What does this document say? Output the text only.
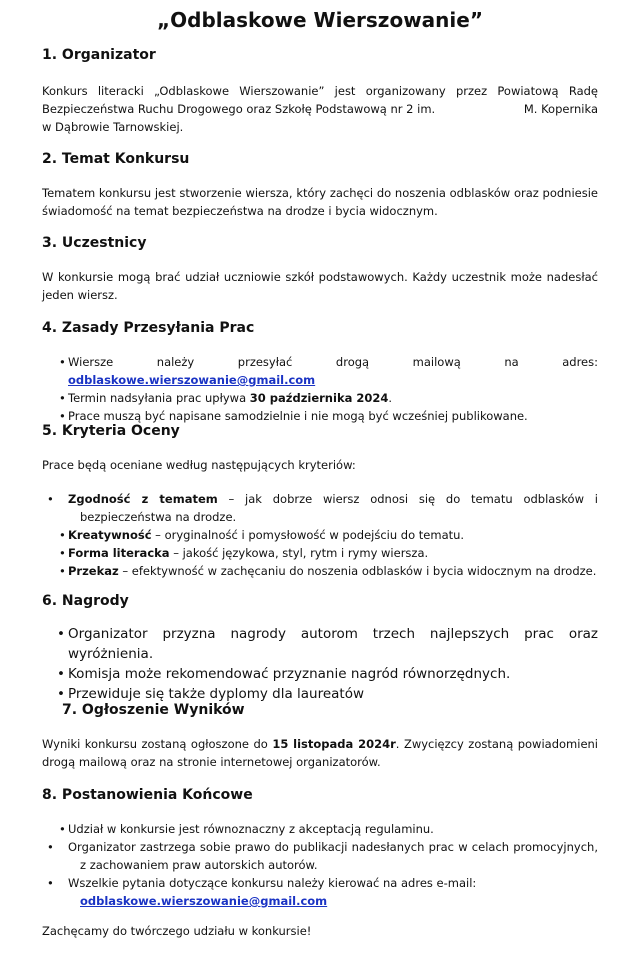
„Odblaskowe Wierszowanie”
1. Organizator

Konkurs literacki „Odblaskowe Wierszowanie” jest organizowany przez Powiatową Radę Bezpieczeństwa Ruchu Drogowego oraz Szkołę Podstawową nr 2 im.	M. Kopernika

w Dąbrowie Tarnowskiej.

2. Temat Konkursu

Tematem konkursu jest stworzenie wiersza, który zachęci do noszenia odblasków oraz podniesie świadomość na temat bezpieczeństwa na drodze i bycia widocznym.

3. Uczestnicy

W konkursie mogą brać udział uczniowie szkół podstawowych. Każdy uczestnik może nadesłać jeden wiersz.

4. Zasady Przesyłania Prac
• Wiersze należy przesyłać drogą mailową na adres: odblaskowe.wierszowanie@gmail.com
• Termin nadsyłania prac upływa 30 października 2024.
• Prace muszą być napisane samodzielnie i nie mogą być wcześniej publikowane.
5. Kryteria Oceny

Prace będą oceniane według następujących kryteriów:

• Zgodność z tematem – jak dobrze wiersz odnosi się do tematu odblasków i bezpieczeństwa na drodze.
• Kreatywność – oryginalność i pomysłowość w podejściu do tematu.
• Forma literacka – jakość językowa, styl, rytm i rymy wiersza.
• Przekaz – efektywność w zachęcaniu do noszenia odblasków i bycia widocznym na drodze.
6. Nagrody
• Organizator przyzna nagrody autorom trzech najlepszych prac oraz wyróżnienia.
• Komisja może rekomendować przyznanie nagród równorzędnych.
• Przewiduje się także dyplomy dla laureatów
7. Ogłoszenie Wyników

Wyniki konkursu zostaną ogłoszone do 15 listopada 2024r. Zwycięzcy zostaną powiadomieni drogą mailową oraz na stronie internetowej organizatorów.

8. Postanowienia Końcowe
• Udział w konkursie jest równoznaczny z akceptacją regulaminu.
• Organizator zastrzega sobie prawo do publikacji nadesłanych prac w celach promocyjnych, z zachowaniem praw autorskich autorów.
• Wszelkie pytania dotyczące konkursu należy kierować na adres e-mail:
odblaskowe.wierszowanie@gmail.com

Zachęcamy do twórczego udziału w konkursie!
